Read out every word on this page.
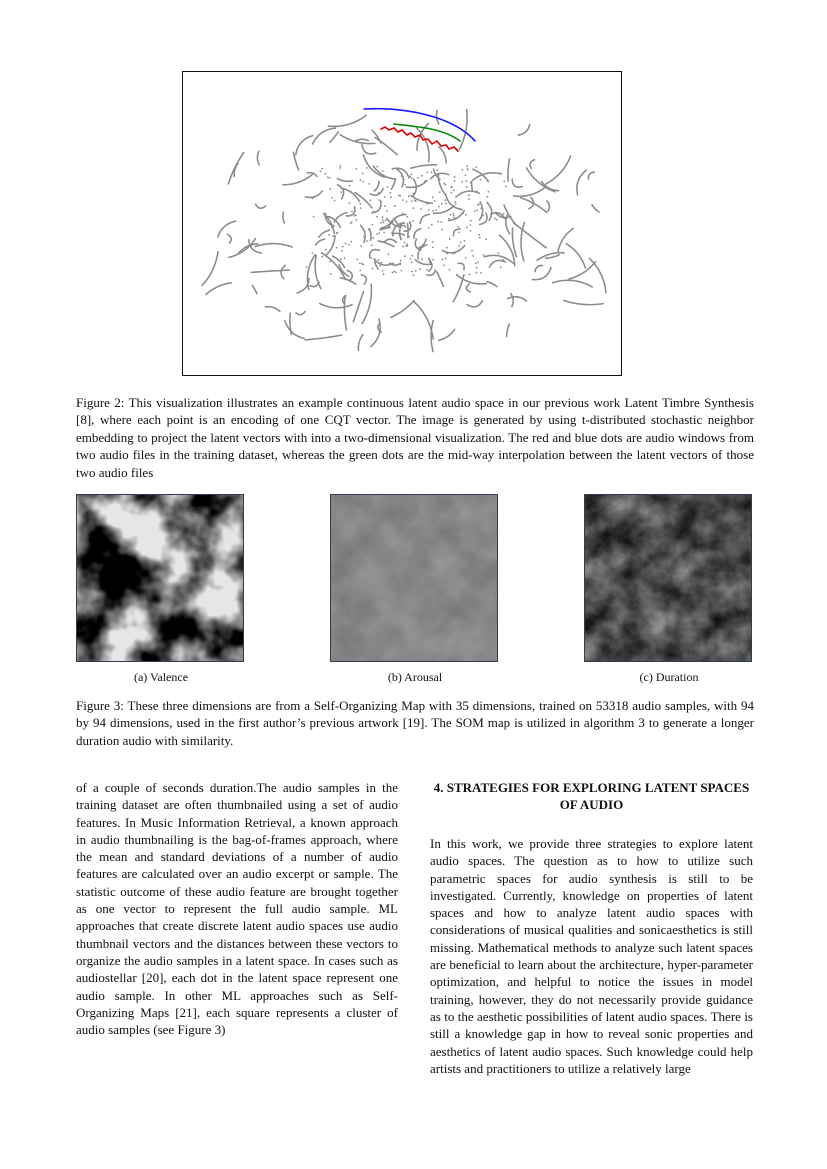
Figure 2: This visualization illustrates an example continuous latent audio space in our previous work Latent Timbre Synthesis [8], where each point is an encoding of one CQT vector. The image is generated by using t-distributed stochastic neighbor embedding to project the latent vectors with into a two-dimensional visualization. The red and blue dots are audio windows from two audio files in the training dataset, whereas the green dots are the mid-way interpolation between the latent vectors of those two audio files
(a) Valence	(b) Arousal	(c) Duration
Figure 3: These three dimensions are from a Self-Organizing Map with 35 dimensions, trained on 53318 audio samples, with 94 by 94 dimensions, used in the first author’s previous artwork [19]. The SOM map is utilized in algorithm 3 to generate a longer duration audio with similarity.
of a couple of seconds duration.The audio samples in the training dataset are often thumbnailed using a set of audio features. In Music Information Retrieval, a known approach in audio thumbnailing is the bag-of-frames approach, where the mean and standard deviations of a number of audio features are calculated over an audio excerpt or sample. The statistic outcome of these audio feature are brought together as one vector to represent the full audio sample. ML approaches that create discrete latent audio spaces use audio thumbnail vectors and the distances between these vectors to organize the audio samples in a latent space. In cases such as audiostellar [20], each dot in the latent space represent one audio sample. In other ML approaches such as Self-Organizing Maps [21], each square represents a cluster of audio samples (see Figure 3)
4. STRATEGIES FOR EXPLORING LATENT SPACES OF AUDIO
In this work, we provide three strategies to explore latent audio spaces. The question as to how to utilize such parametric spaces for audio synthesis is still to be investigated. Currently, knowledge on properties of latent spaces and how to analyze latent audio spaces with considerations of musical qualities and sonicaesthetics is still missing. Mathematical methods to analyze such latent spaces are beneficial to learn about the architecture, hyper-parameter optimization, and helpful to notice the issues in model training, however, they do not necessarily provide guidance as to the aesthetic possibilities of latent audio spaces. There is still a knowledge gap in how to reveal sonic properties and aesthetics of latent audio spaces. Such knowledge could help artists and practitioners to utilize a relatively large
